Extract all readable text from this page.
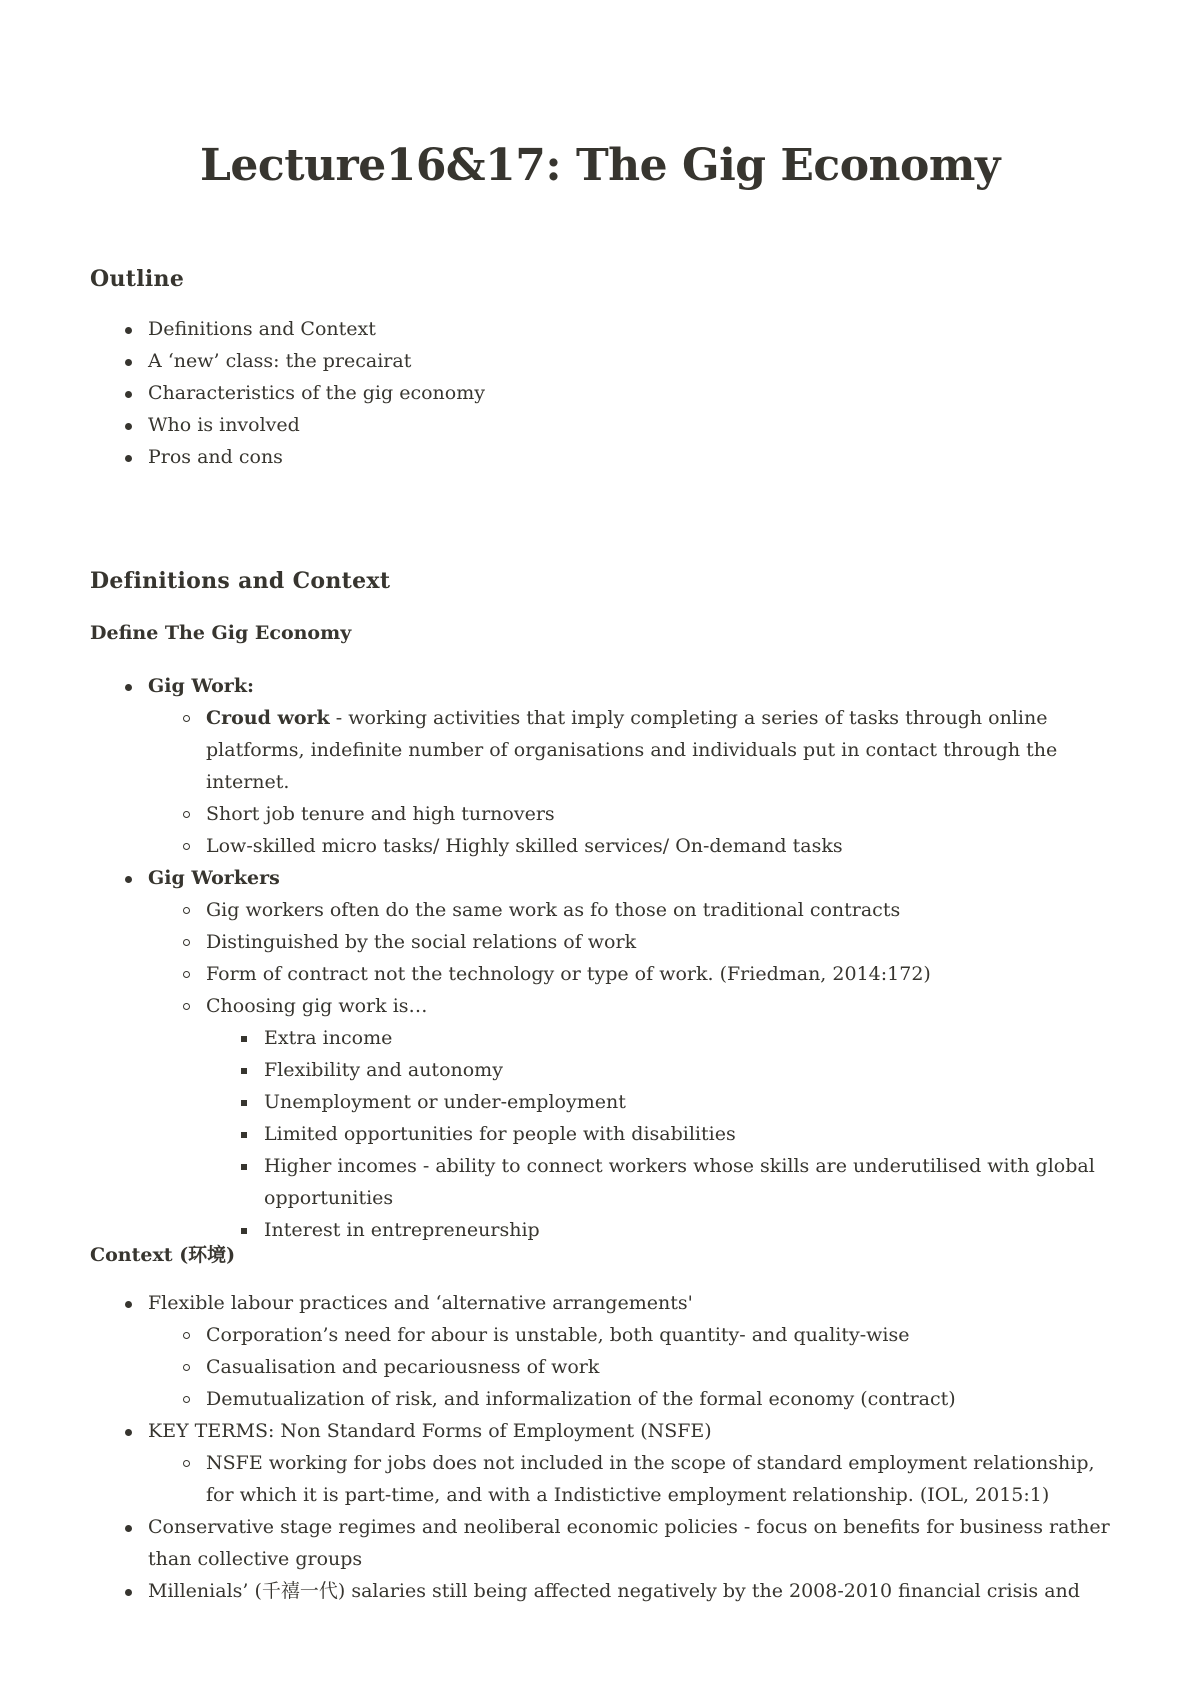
Lecture16&17: The Gig Economy
Outline
Definitions and Context
A ‘new’ class: the precairat
Characteristics of the gig economy
Who is involved
Pros and cons
Definitions and Context
Define The Gig Economy
Gig Work:
Croud work - working activities that imply completing a series of tasks through online platforms, indefinite number of organisations and individuals put in contact through the internet.
Short job tenure and high turnovers
Low-skilled micro tasks/ Highly skilled services/ On-demand tasks
Gig Workers
Gig workers often do the same work as fo those on traditional contracts
Distinguished by the social relations of work
Form of contract not the technology or type of work. (Friedman, 2014:172)
Choosing gig work is…
Extra income
Flexibility and autonomy
Unemployment or under-employment
Limited opportunities for people with disabilities
Higher incomes - ability to connect workers whose skills are underutilised with global opportunities
Interest in entrepreneurship
Context (环境)
Flexible labour practices and ‘alternative arrangements'
Corporation’s need for abour is unstable, both quantity- and quality-wise
Casualisation and pecariousness of work
Demutualization of risk, and informalization of the formal economy (contract)
KEY TERMS: Non Standard Forms of Employment (NSFE)
NSFE working for jobs does not included in the scope of standard employment relationship, for which it is part-time, and with a Indistictive employment relationship. (IOL, 2015:1)
Conservative stage regimes and neoliberal economic policies - focus on benefits for business rather than collective groups
Millenials’ (千禧一代) salaries still being affected negatively by the 2008-2010 financial crisis and
